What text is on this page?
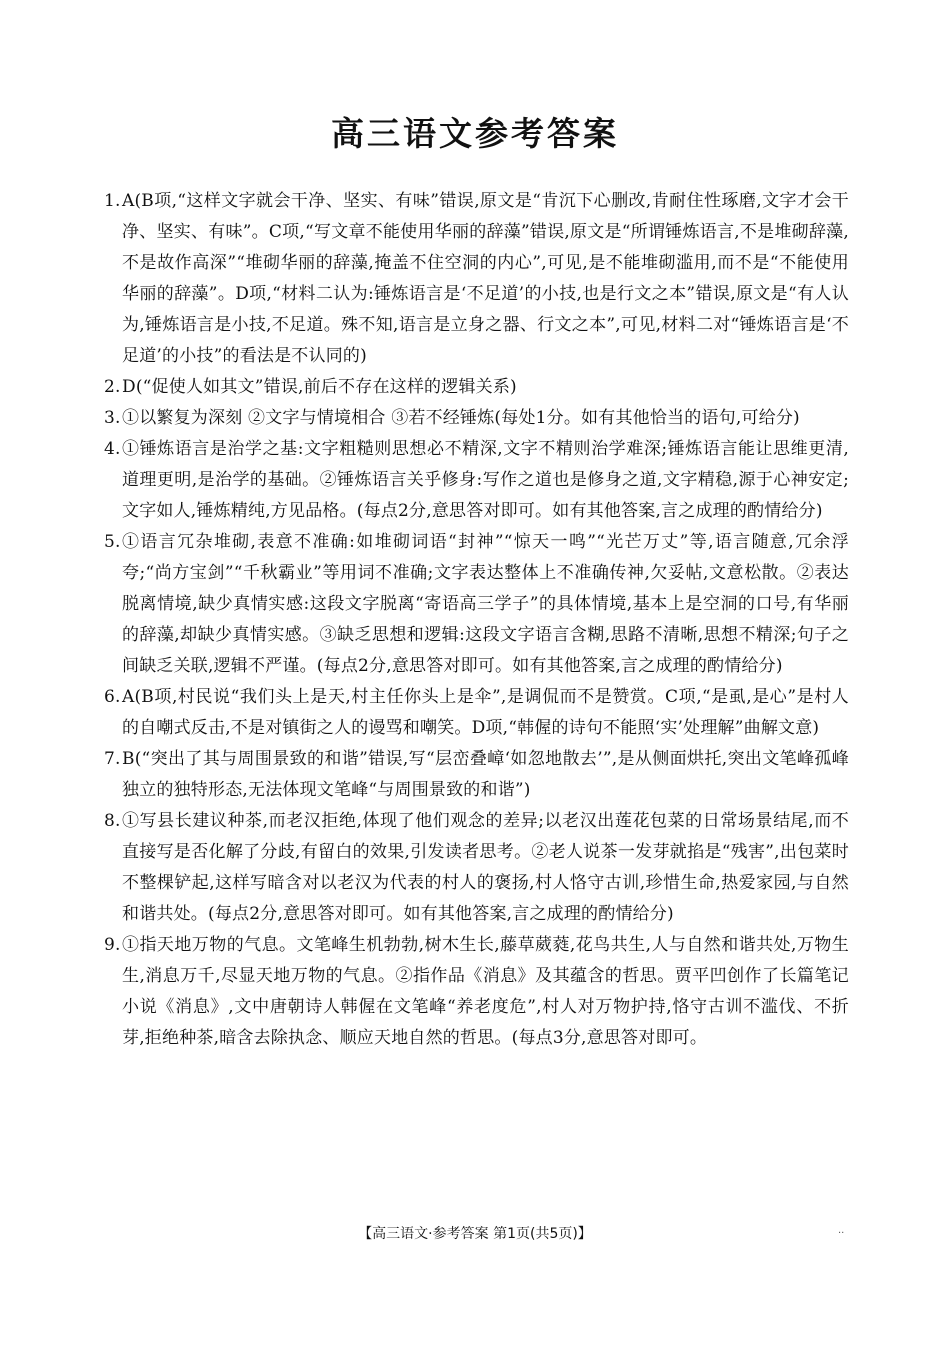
高三语文参考答案
1. A(B项,“这样文字就会干净、坚实、有味”错误,原文是“肯沉下心删改,肯耐住性琢磨,文字才会干净、坚实、有味”。C项,“写文章不能使用华丽的辞藻”错误,原文是“所谓锤炼语言,不是堆砌辞藻,不是故作高深”“堆砌华丽的辞藻,掩盖不住空洞的内心”,可见,是不能堆砌滥用,而不是“不能使用华丽的辞藻”。D项,“材料二认为:锤炼语言是‘不足道’的小技,也是行文之本”错误,原文是“有人认为,锤炼语言是小技,不足道。殊不知,语言是立身之器、行文之本”,可见,材料二对“锤炼语言是‘不足道’的小技”的看法是不认同的)
2. D(“促使人如其文”错误,前后不存在这样的逻辑关系)
3. ①以繁复为深刻 ②文字与情境相合 ③若不经锤炼(每处1分。如有其他恰当的语句,可给分)
4. ①锤炼语言是治学之基:文字粗糙则思想必不精深,文字不精则治学难深;锤炼语言能让思维更清,道理更明,是治学的基础。②锤炼语言关乎修身:写作之道也是修身之道,文字精稳,源于心神安定;文字如人,锤炼精纯,方见品格。(每点2分,意思答对即可。如有其他答案,言之成理的酌情给分)
5. ①语言冗杂堆砌,表意不准确:如堆砌词语“封神”“惊天一鸣”“光芒万丈”等,语言随意,冗余浮夸;“尚方宝剑”“千秋霸业”等用词不准确;文字表达整体上不准确传神,欠妥帖,文意松散。②表达脱离情境,缺少真情实感:这段文字脱离“寄语高三学子”的具体情境,基本上是空洞的口号,有华丽的辞藻,却缺少真情实感。③缺乏思想和逻辑:这段文字语言含糊,思路不清晰,思想不精深;句子之间缺乏关联,逻辑不严谨。(每点2分,意思答对即可。如有其他答案,言之成理的酌情给分)
6. A(B项,村民说“我们头上是天,村主任你头上是伞”,是调侃而不是赞赏。C项,“是虱,是心”是村人的自嘲式反击,不是对镇街之人的谩骂和嘲笑。D项,“韩偓的诗句不能照‘实’处理解”曲解文意)
7. B(“突出了其与周围景致的和谐”错误,写“层峦叠嶂‘如忽地散去’”,是从侧面烘托,突出文笔峰孤峰独立的独特形态,无法体现文笔峰“与周围景致的和谐”)
8. ①写县长建议种茶,而老汉拒绝,体现了他们观念的差异;以老汉出莲花包菜的日常场景结尾,而不直接写是否化解了分歧,有留白的效果,引发读者思考。②老人说茶一发芽就掐是“残害”,出包菜时不整棵铲起,这样写暗含对以老汉为代表的村人的褒扬,村人恪守古训,珍惜生命,热爱家园,与自然和谐共处。(每点2分,意思答对即可。如有其他答案,言之成理的酌情给分)
9. ①指天地万物的气息。文笔峰生机勃勃,树木生长,藤草葳蕤,花鸟共生,人与自然和谐共处,万物生生,消息万千,尽显天地万物的气息。②指作品《消息》及其蕴含的哲思。贾平凹创作了长篇笔记小说《消息》,文中唐朝诗人韩偓在文笔峰“养老度危”,村人对万物护持,恪守古训不滥伐、不折芽,拒绝种茶,暗含去除执念、顺应天地自然的哲思。(每点3分,意思答对即可。
【高三语文·参考答案 第1页(共5页)】	··
